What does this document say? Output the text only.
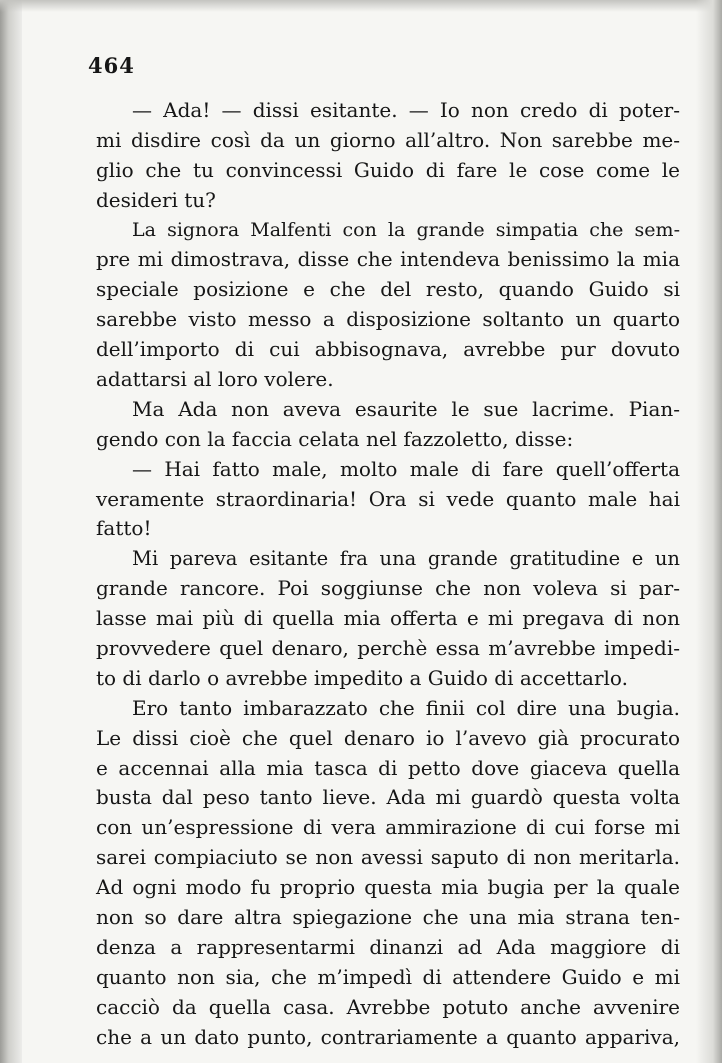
464
— Ada! — dissi esitante. — Io non credo di poter-
mi disdire così da un giorno all’altro. Non sarebbe me-
glio che tu convincessi Guido di fare le cose come le
desideri tu?
La signora Malfenti con la grande simpatia che sem-
pre mi dimostrava, disse che intendeva benissimo la mia
speciale posizione e che del resto, quando Guido si
sarebbe visto messo a disposizione soltanto un quarto
dell’importo di cui abbisognava, avrebbe pur dovuto
adattarsi al loro volere.
Ma Ada non aveva esaurite le sue lacrime. Pian-
gendo con la faccia celata nel fazzoletto, disse:
— Hai fatto male, molto male di fare quell’offerta
veramente straordinaria! Ora si vede quanto male hai
fatto!
Mi pareva esitante fra una grande gratitudine e un
grande rancore. Poi soggiunse che non voleva si par-
lasse mai più di quella mia offerta e mi pregava di non
provvedere quel denaro, perchè essa m’avrebbe impedi-
to di darlo o avrebbe impedito a Guido di accettarlo.
Ero tanto imbarazzato che finii col dire una bugia.
Le dissi cioè che quel denaro io l’avevo già procurato
e accennai alla mia tasca di petto dove giaceva quella
busta dal peso tanto lieve. Ada mi guardò questa volta
con un’espressione di vera ammirazione di cui forse mi
sarei compiaciuto se non avessi saputo di non meritarla.
Ad ogni modo fu proprio questa mia bugia per la quale
non so dare altra spiegazione che una mia strana ten-
denza a rappresentarmi dinanzi ad Ada maggiore di
quanto non sia, che m’impedì di attendere Guido e mi
cacciò da quella casa. Avrebbe potuto anche avvenire
che a un dato punto, contrariamente a quanto appariva,
